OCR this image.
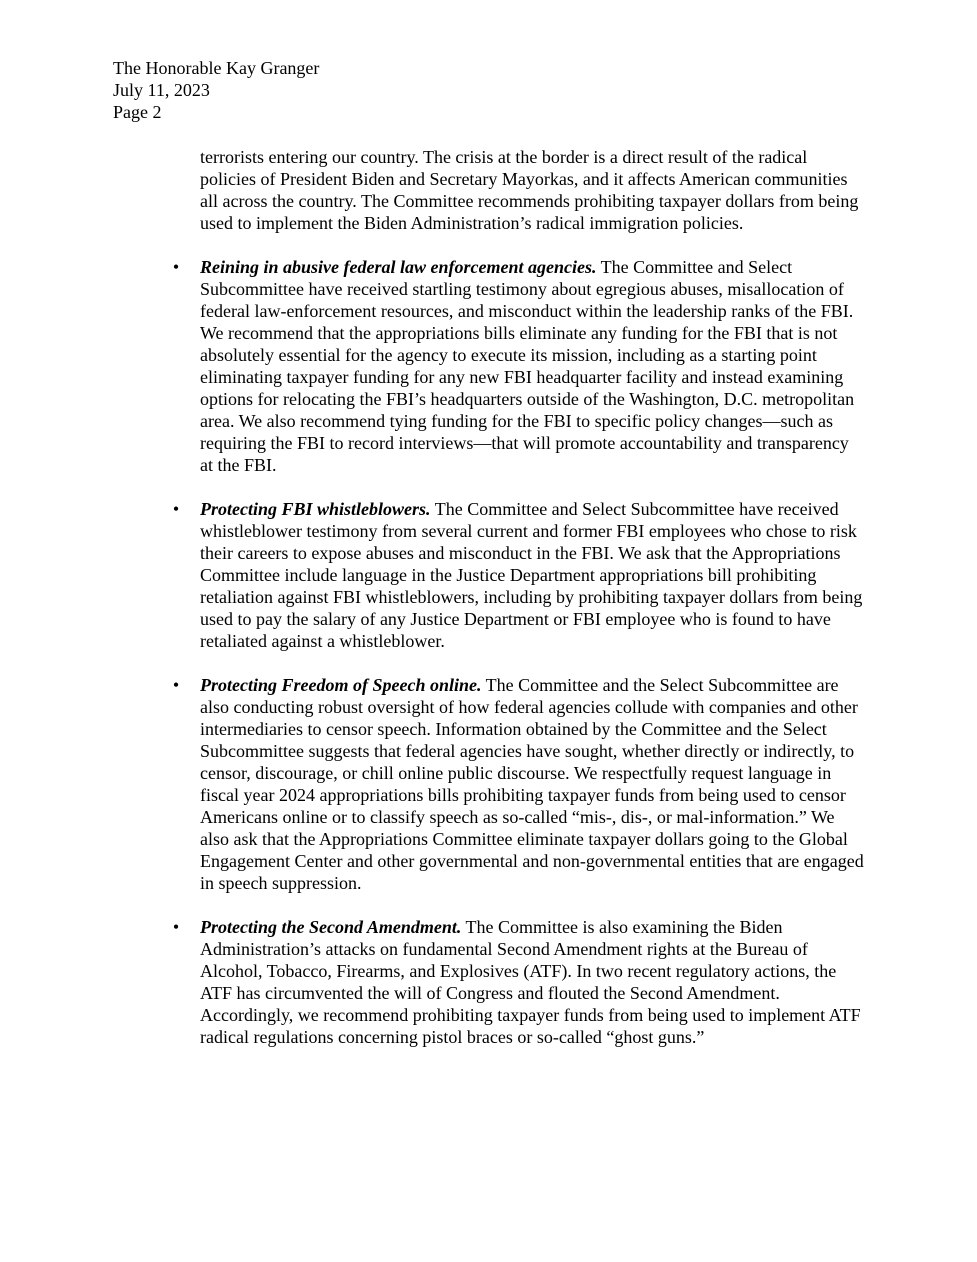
The Honorable Kay Granger
July 11, 2023
Page 2

terrorists entering our country. The crisis at the border is a direct result of the radical policies of President Biden and Secretary Mayorkas, and it affects American communities all across the country. The Committee recommends prohibiting taxpayer dollars from being used to implement the Biden Administration’s radical immigration policies.

• Reining in abusive federal law enforcement agencies. The Committee and Select Subcommittee have received startling testimony about egregious abuses, misallocation of federal law-enforcement resources, and misconduct within the leadership ranks of the FBI. We recommend that the appropriations bills eliminate any funding for the FBI that is not absolutely essential for the agency to execute its mission, including as a starting point eliminating taxpayer funding for any new FBI headquarter facility and instead examining options for relocating the FBI’s headquarters outside of the Washington, D.C. metropolitan area. We also recommend tying funding for the FBI to specific policy changes—such as requiring the FBI to record interviews—that will promote accountability and transparency at the FBI.

• Protecting FBI whistleblowers. The Committee and Select Subcommittee have received whistleblower testimony from several current and former FBI employees who chose to risk their careers to expose abuses and misconduct in the FBI. We ask that the Appropriations Committee include language in the Justice Department appropriations bill prohibiting retaliation against FBI whistleblowers, including by prohibiting taxpayer dollars from being used to pay the salary of any Justice Department or FBI employee who is found to have retaliated against a whistleblower.

• Protecting Freedom of Speech online. The Committee and the Select Subcommittee are also conducting robust oversight of how federal agencies collude with companies and other intermediaries to censor speech. Information obtained by the Committee and the Select Subcommittee suggests that federal agencies have sought, whether directly or indirectly, to censor, discourage, or chill online public discourse. We respectfully request language in fiscal year 2024 appropriations bills prohibiting taxpayer funds from being used to censor Americans online or to classify speech as so-called “mis-, dis-, or mal-information.” We also ask that the Appropriations Committee eliminate taxpayer dollars going to the Global Engagement Center and other governmental and non-governmental entities that are engaged in speech suppression.

• Protecting the Second Amendment. The Committee is also examining the Biden Administration’s attacks on fundamental Second Amendment rights at the Bureau of Alcohol, Tobacco, Firearms, and Explosives (ATF). In two recent regulatory actions, the ATF has circumvented the will of Congress and flouted the Second Amendment. Accordingly, we recommend prohibiting taxpayer funds from being used to implement ATF radical regulations concerning pistol braces or so-called “ghost guns.”
